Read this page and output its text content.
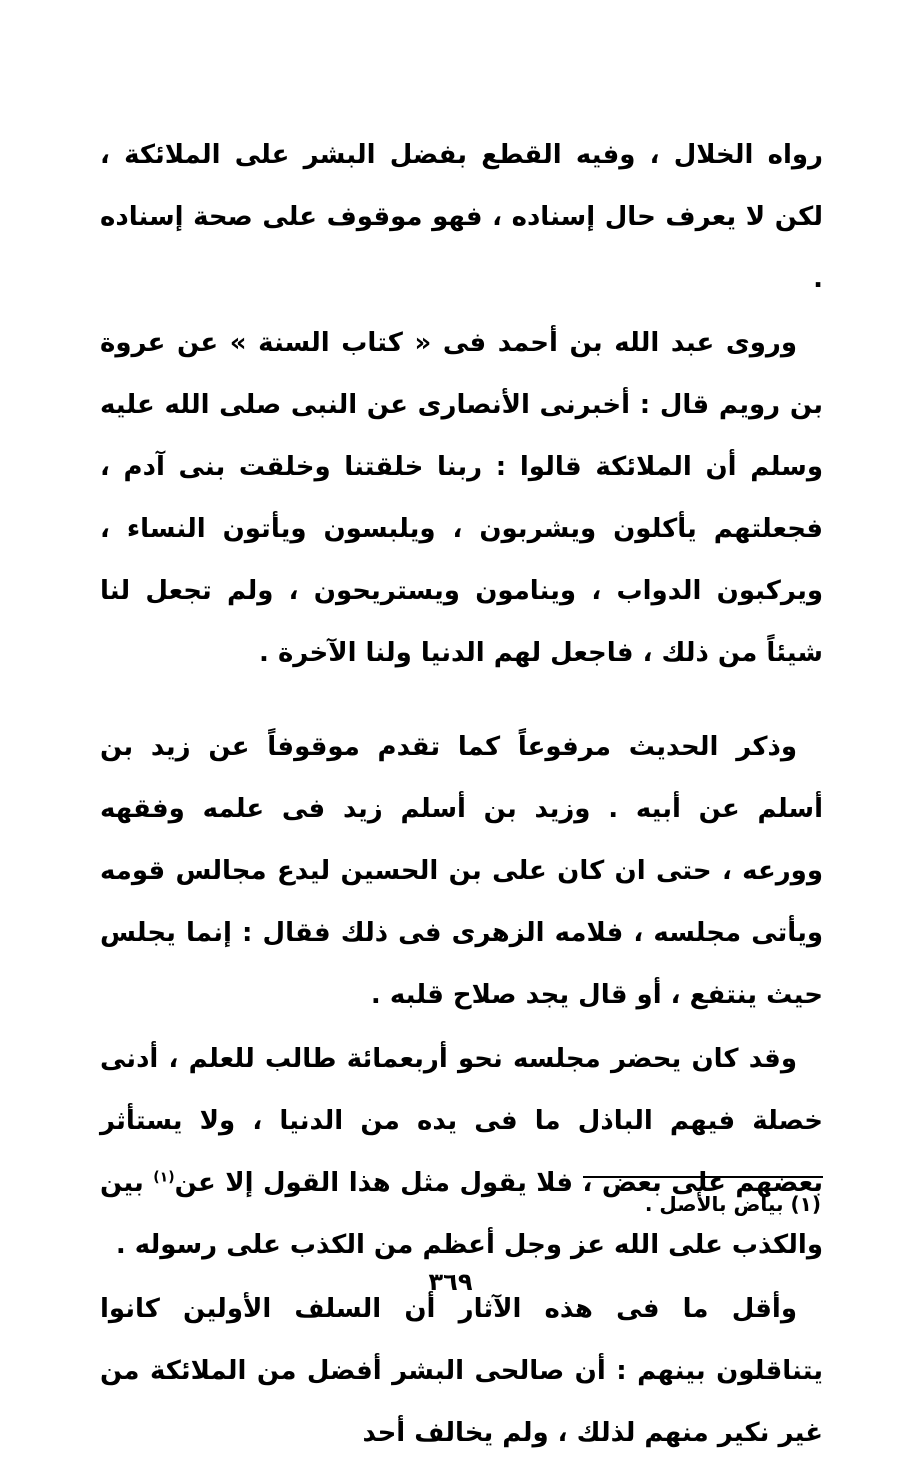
رواه الخلال ، وفيه القطع بفضل البشر على الملائكة ، لكن لا يعرف حال إسناده ، فهو موقوف على صحة إسناده .

وروى عبد الله بن أحمد فى « كتاب السنة » عن عروة بن رويم قال : أخبرنى الأنصارى عن النبى صلى الله عليه وسلم أن الملائكة قالوا : ربنا خلقتنا وخلقت بنى آدم ، فجعلتهم يأكلون ويشربون ، ويلبسون ويأتون النساء ، ويركبون الدواب ، وينامون ويستريحون ، ولم تجعل لنا شيئاً من ذلك ، فاجعل لهم الدنيا ولنا الآخرة .

وذكر الحديث مرفوعاً كما تقدم موقوفاً عن زيد بن أسلم عن أبيه . وزيد بن أسلم زيد فى علمه وفقهه وورعه ، حتى ان كان على بن الحسين ليدع مجالس قومه ويأتى مجلسه ، فلامه الزهرى فى ذلك فقال : إنما يجلس حيث ينتفع ، أو قال يجد صلاح قلبه .

وقد كان يحضر مجلسه نحو أربعمائة طالب للعلم ، أدنى خصلة فيهم الباذل ما فى يده من الدنيا ، ولا يستأثر بعضهم على بعض ، فلا يقول مثل هذا القول إلا عن$^{(١)}$ بين والكذب على الله عز وجل أعظم من الكذب على رسوله .

وأقل ما فى هذه الآثار أن السلف الأولين كانوا يتناقلون بينهم : أن صالحى البشر أفضل من الملائكة من غير نكير منهم لذلك ، ولم يخالف أحد

(١) بياض بالأصل .
٣٦٩
